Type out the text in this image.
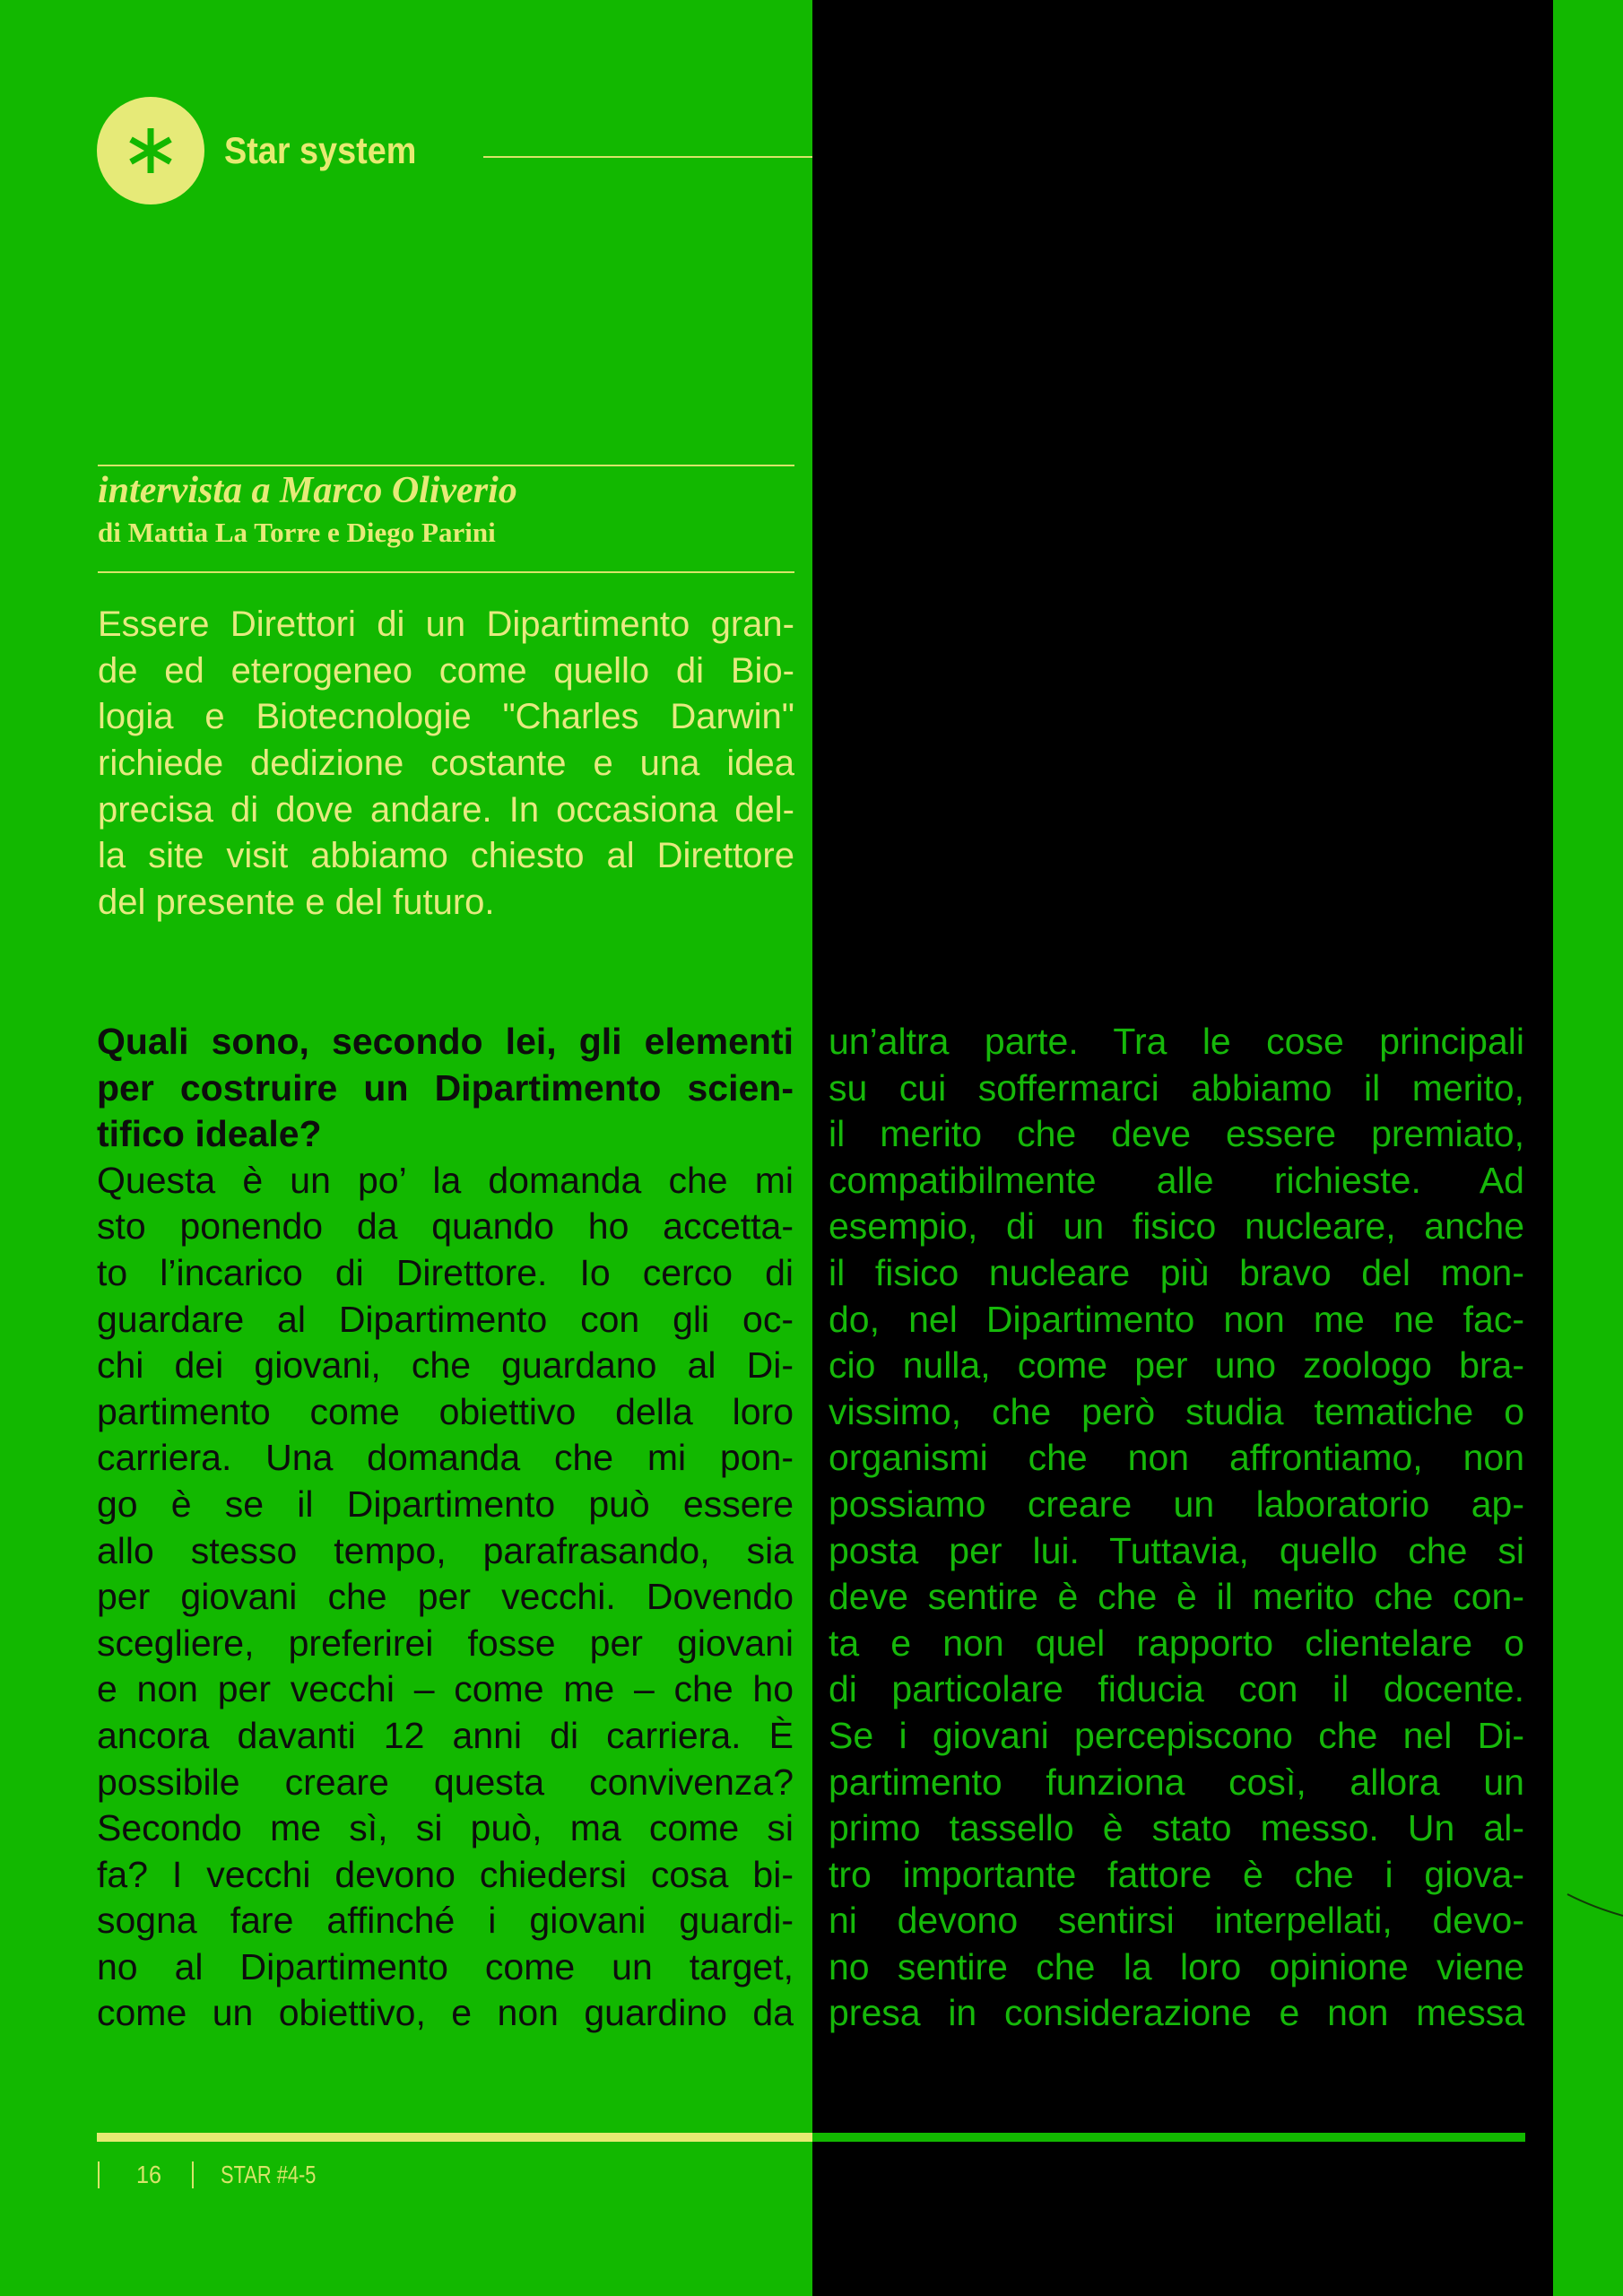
Star system
intervista a Marco Oliverio
di Mattia La Torre e Diego Parini
Essere Direttori di un Dipartimento gran-
de ed eterogeneo come quello di Bio-
logia e Biotecnologie "Charles Darwin"
richiede dedizione costante e una idea
precisa di dove andare. In occasiona del-
la site visit abbiamo chiesto al Direttore
del presente e del futuro.
Quali sono, secondo lei, gli elementi
per costruire un Dipartimento scien-
tifico ideale?
Questa è un po’ la domanda che mi
sto ponendo da quando ho accetta-
to l’incarico di Direttore. Io cerco di
guardare al Dipartimento con gli oc-
chi dei giovani, che guardano al Di-
partimento come obiettivo della loro
carriera. Una domanda che mi pon-
go è se il Dipartimento può essere
allo stesso tempo, parafrasando, sia
per giovani che per vecchi. Dovendo
scegliere, preferirei fosse per giovani
e non per vecchi – come me – che ho
ancora davanti 12 anni di carriera. È
possibile creare questa convivenza?
Secondo me sì, si può, ma come si
fa? I vecchi devono chiedersi cosa bi-
sogna fare affinché i giovani guardi-
no al Dipartimento come un target,
come un obiettivo, e non guardino da
un’altra parte. Tra le cose principali
su cui soffermarci abbiamo il merito,
il merito che deve essere premiato,
compatibilmente alle richieste. Ad
esempio, di un fisico nucleare, anche
il fisico nucleare più bravo del mon-
do, nel Dipartimento non me ne fac-
cio nulla, come per uno zoologo bra-
vissimo, che però studia tematiche o
organismi che non affrontiamo, non
possiamo creare un laboratorio ap-
posta per lui. Tuttavia, quello che si
deve sentire è che è il merito che con-
ta e non quel rapporto clientelare o
di particolare fiducia con il docente.
Se i giovani percepiscono che nel Di-
partimento funziona così, allora un
primo tassello è stato messo. Un al-
tro importante fattore è che i giova-
ni devono sentirsi interpellati, devo-
no sentire che la loro opinione viene
presa in considerazione e non messa
16 STAR #4-5
